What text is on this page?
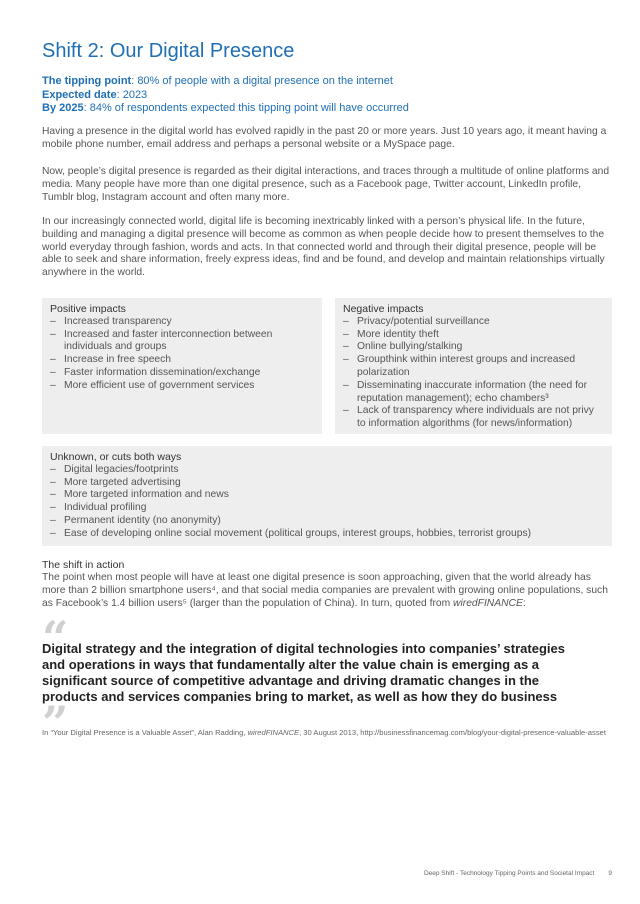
Shift 2: Our Digital Presence
The tipping point: 80% of people with a digital presence on the internet
Expected date: 2023
By 2025: 84% of respondents expected this tipping point will have occurred

Having a presence in the digital world has evolved rapidly in the past 20 or more years. Just 10 years ago, it meant having a mobile phone number, email address and perhaps a personal website or a MySpace page.

Now, people’s digital presence is regarded as their digital interactions, and traces through a multitude of online platforms and media. Many people have more than one digital presence, such as a Facebook page, Twitter account, LinkedIn profile, Tumblr blog, Instagram account and often many more.

In our increasingly connected world, digital life is becoming inextricably linked with a person’s physical life. In the future, building and managing a digital presence will become as common as when people decide how to present themselves to the world everyday through fashion, words and acts. In that connected world and through their digital presence, people will be able to seek and share information, freely express ideas, find and be found, and develop and maintain relationships virtually anywhere in the world.

Positive impacts
– Increased transparency
– Increased and faster interconnection between individuals and groups
– Increase in free speech
– Faster information dissemination/exchange
– More efficient use of government services
Negative impacts
– Privacy/potential surveillance
– More identity theft
– Online bullying/stalking
– Groupthink within interest groups and increased polarization
– Disseminating inaccurate information (the need for reputation management); echo chambers³
– Lack of transparency where individuals are not privy to information algorithms (for news/information)
Unknown, or cuts both ways
– Digital legacies/footprints
– More targeted advertising
– More targeted information and news
– Individual profiling
– Permanent identity (no anonymity)
– Ease of developing online social movement (political groups, interest groups, hobbies, terrorist groups)
The shift in action

The point when most people will have at least one digital presence is soon approaching, given that the world already has more than 2 billion smartphone users⁴, and that social media companies are prevalent with growing online populations, such as Facebook’s 1.4 billion users⁵ (larger than the population of China). In turn, quoted from wiredFINANCE:

“
Digital strategy and the integration of digital technologies into companies’ strategies and operations in ways that fundamentally alter the value chain is emerging as a significant source of competitive advantage and driving dramatic changes in the products and services companies bring to market, as well as how they do business
”
In “Your Digital Presence is a Valuable Asset”, Alan Radding, wiredFINANCE, 30 August 2013, http://businessfinancemag.com/blog/your-digital-presence-valuable-asset
Deep Shift - Technology Tipping Points and Societal Impact 9
